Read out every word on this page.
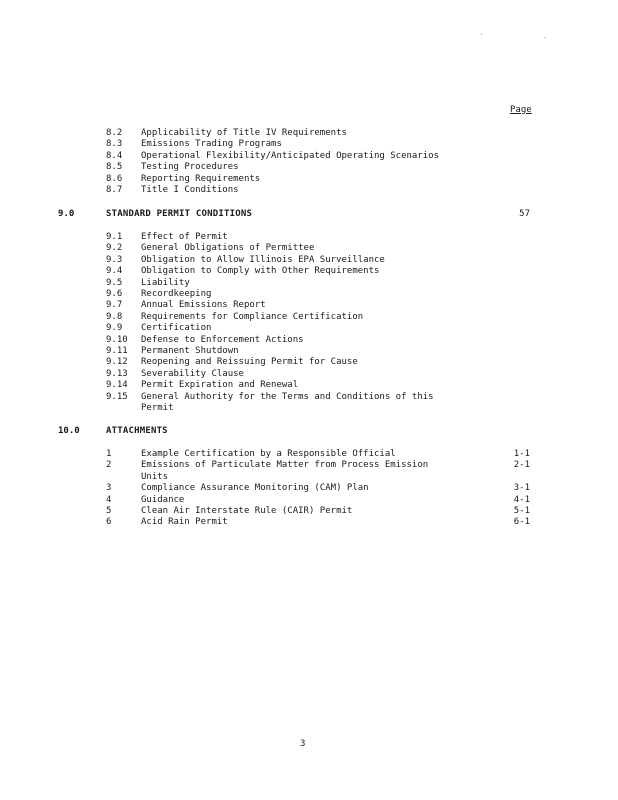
' .
Page
8.2 Applicability of Title IV Requirements
8.3 Emissions Trading Programs
8.4 Operational Flexibility/Anticipated Operating Scenarios
8.5 Testing Procedures
8.6 Reporting Requirements
8.7 Title I Conditions
9.0	STANDARD PERMIT CONDITIONS	57
9.1 Effect of Permit
9.2 General Obligations of Permittee
9.3 Obligation to Allow Illinois EPA Surveillance
9.4 Obligation to Comply with Other Requirements
9.5 Liability
9.6 Recordkeeping
9.7 Annual Emissions Report
9.8 Requirements for Compliance Certification
9.9 Certification
9.10 Defense to Enforcement Actions
9.11 Permanent Shutdown
9.12 Reopening and Reissuing Permit for Cause
9.13 Severability Clause
9.14 Permit Expiration and Renewal
9.15 General Authority for the Terms and Conditions of this
Permit
10.0	ATTACHMENTS
1	Example Certification by a Responsible Official	1-1
2	Emissions of Particulate Matter from Process Emission	2-1
Units
3	Compliance Assurance Monitoring (CAM) Plan	3-1
4	Guidance	4-1
5	Clean Air Interstate Rule (CAIR) Permit	5-1
6	Acid Rain Permit	6-1
3
